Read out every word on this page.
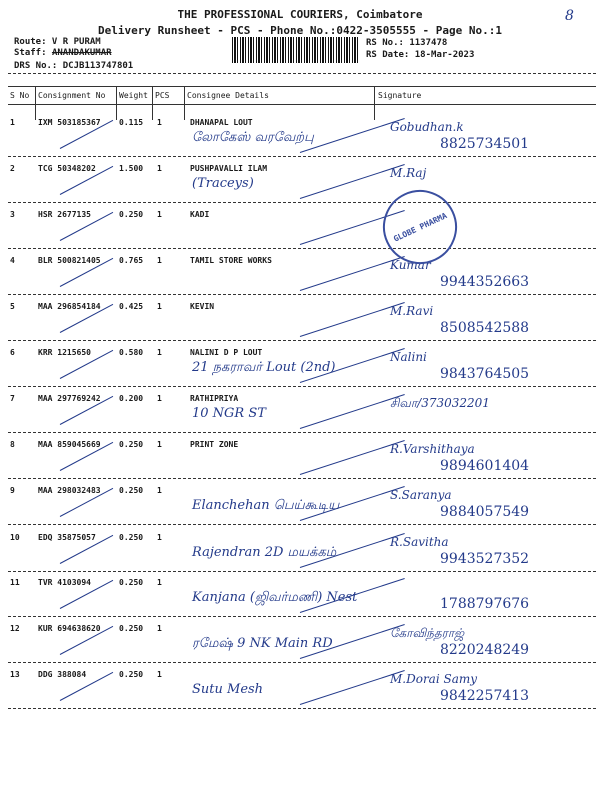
THE PROFESSIONAL COURIERS, Coimbatore
Delivery Runsheet - PCS - Phone No.:0422-3505555 - Page No.:1
8
Route: V R PURAM
Staff: ANANDAKUMAR
DRS No.: DCJB113747801
RS No.: 1137478
RS Date: 18-Mar-2023
S No Consignment No Weight PCS Consignee Details	Signature
1	IXM 503185367 0.115 1	DHANAPAL LOUT
லோகேஸ் வரவேற்பு
Gobudhan.k
8825734501
2	TCG 50348202	1.500 1	PUSHPAVALLI ILAM
(Traceys)
M.Raj
3	HSR 2677135	0.250 1	KADI
4	BLR 500821405 0.765 1	TAMIL STORE WORKS	Kumar
9944352663
5	MAA 296854184 0.425 1	KEVIN	M.Ravi
8508542588
6	KRR 1215650	0.580 1	NALINI D P LOUT
21 நகராவர் Lout (2nd)
Nalini
9843764505
7	MAA 297769242 0.200 1	RATHIPRIYA
10 NGR ST
சிவா/373032201
8	MAA 859045669 0.250 1	PRINT ZONE	R.Varshithaya
9894601404
9	MAA 298032483 0.250 1
Elanchehan பெய்கூடிய
S.Saranya
9884057549
10 EDQ 35875057	0.250 1
Rajendran 2D மயக்கம்
R.Savitha
9943527352
11 TVR 4103094	0.250 1
Kanjana (ஜிவர்மணி) Nest	1788797676
12 KUR 694638620 0.250 1
ரமேஷ் 9 NK Main RD
கோவிந்தராஜ்
8220248249
13 DDG 388084	0.250 1
Sutu Mesh
M.Dorai Samy
9842257413
GLOBE PHARMA
